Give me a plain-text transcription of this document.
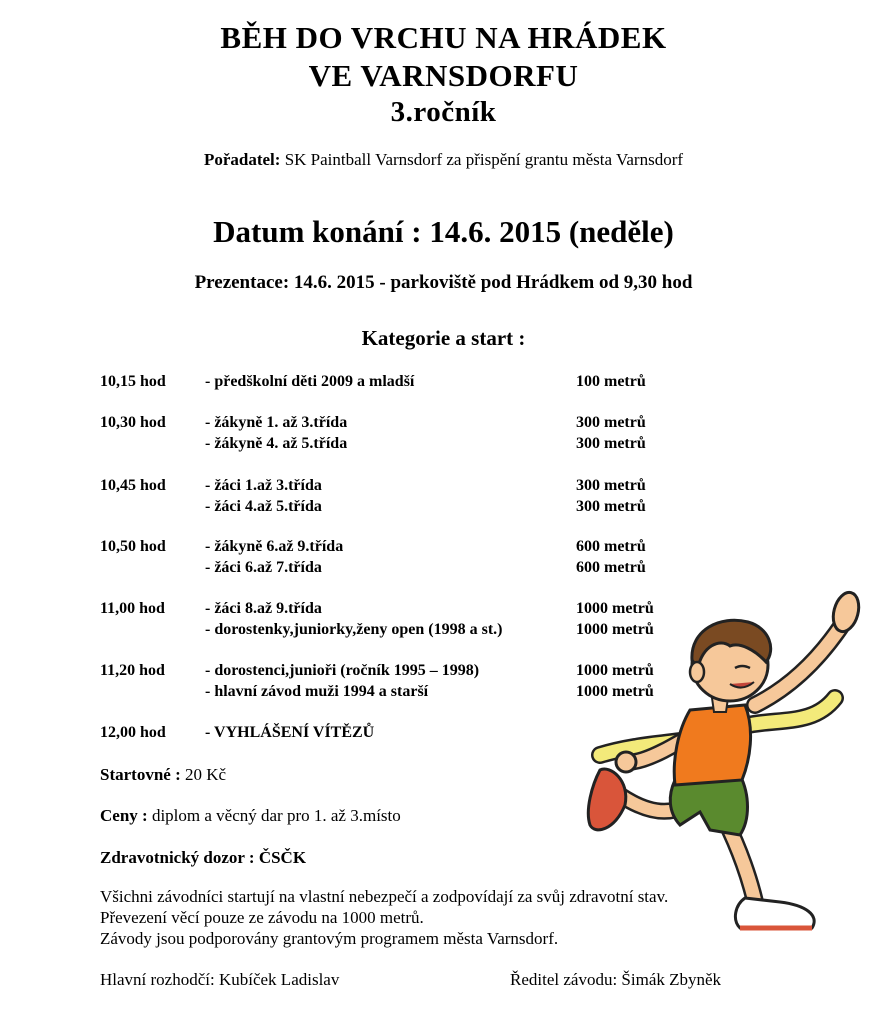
BĚH DO VRCHU NA HRÁDEK
VE VARNSDORFU
3.ročník
Pořadatel: SK Paintball Varnsdorf za přispění grantu města Varnsdorf
Datum konání : 14.6. 2015 (neděle)
Prezentace: 14.6. 2015 - parkoviště pod Hrádkem od 9,30 hod
Kategorie a start :
10,15 hod - předškolní děti 2009 a mladší	100 metrů
10,30 hod - žákyně 1. až 3.třída	300 metrů
- žákyně 4. až 5.třída	300 metrů
10,45 hod - žáci 1.až 3.třída	300 metrů
- žáci 4.až 5.třída	300 metrů
10,50 hod - žákyně 6.až 9.třída	600 metrů
- žáci 6.až 7.třída	600 metrů
11,00 hod	- žáci 8.až 9.třída	1000 metrů
- dorostenky,juniorky,ženy open (1998 a st.)	1000 metrů
11,20 hod	- dorostenci,junioři (ročník 1995 – 1998)	1000 metrů
- hlavní závod muži 1994 a starší	1000 metrů
12,00 hod - VYHLÁŠENÍ VÍTĚZŮ
Startovné : 20 Kč
Ceny : diplom a věcný dar pro 1. až 3.místo
Zdravotnický dozor : ČSČK
Všichni závodníci startují na vlastní nebezpečí a zodpovídají za svůj zdravotní stav.
Převezení věcí pouze ze závodu na 1000 metrů.
Závody jsou podporovány grantovým programem města Varnsdorf.
Hlavní rozhodčí: Kubíček Ladislav	Ředitel závodu: Šimák Zbyněk
